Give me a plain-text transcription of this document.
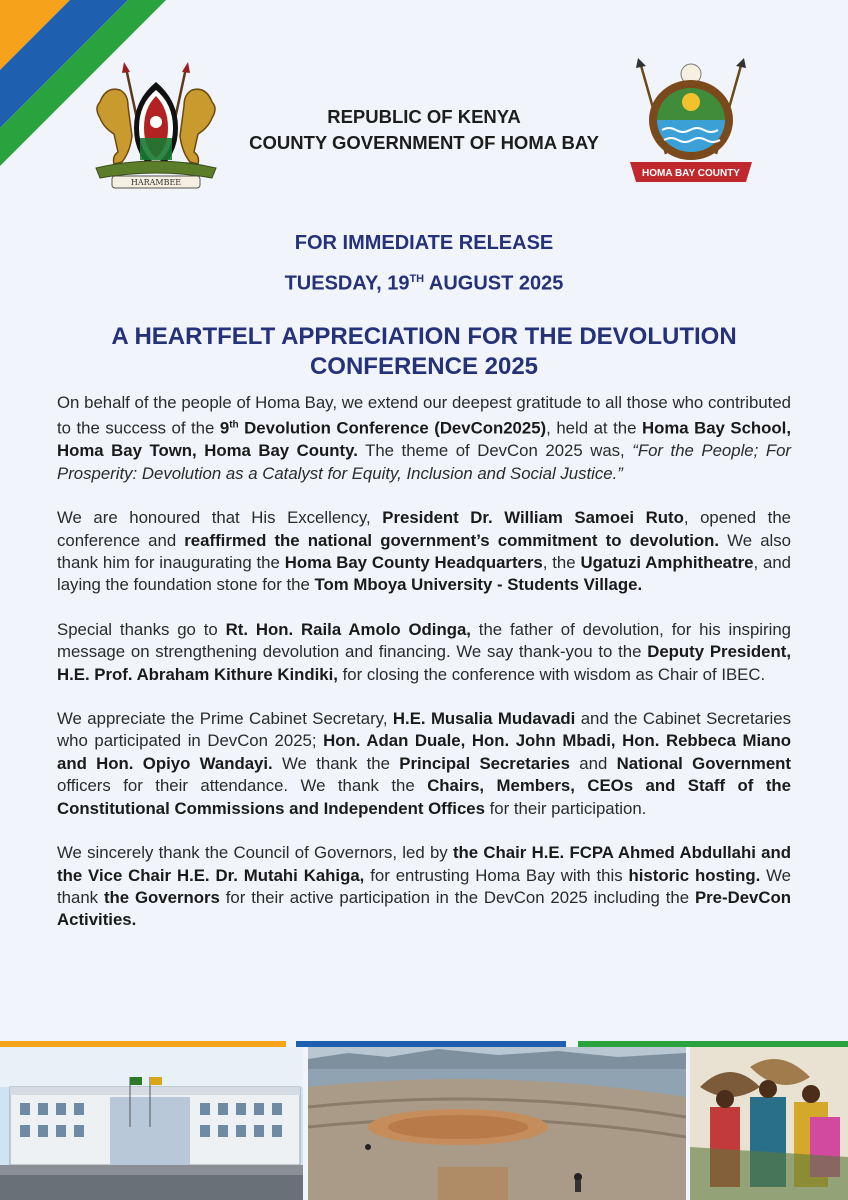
HARAMBEE
REPUBLIC OF KENYA
COUNTY GOVERNMENT OF HOMA BAY
HOMA BAY COUNTY
FOR IMMEDIATE RELEASE
TUESDAY, 19TH AUGUST 2025
A HEARTFELT APPRECIATION FOR THE DEVOLUTION CONFERENCE 2025

On behalf of the people of Homa Bay, we extend our deepest gratitude to all those who contributed to the success of the 9th Devolution Conference (DevCon2025), held at the Homa Bay School, Homa Bay Town, Homa Bay County. The theme of DevCon 2025 was, “For the People; For Prosperity: Devolution as a Catalyst for Equity, Inclusion and Social Justice.”

We are honoured that His Excellency, President Dr. William Samoei Ruto, opened the conference and reaffirmed the national government’s commitment to devolution. We also thank him for inaugurating the Homa Bay County Headquarters, the Ugatuzi Amphitheatre, and laying the foundation stone for the Tom Mboya University - Students Village.

Special thanks go to Rt. Hon. Raila Amolo Odinga, the father of devolution, for his inspiring message on strengthening devolution and financing. We say thank-you to the Deputy President, H.E. Prof. Abraham Kithure Kindiki, for closing the conference with wisdom as Chair of IBEC.

We appreciate the Prime Cabinet Secretary, H.E. Musalia Mudavadi and the Cabinet Secretaries who participated in DevCon 2025; Hon. Adan Duale, Hon. John Mbadi, Hon. Rebbeca Miano and Hon. Opiyo Wandayi. We thank the Principal Secretaries and National Government officers for their attendance. We thank the Chairs, Members, CEOs and Staff of the Constitutional Commissions and Independent Offices for their participation.

We sincerely thank the Council of Governors, led by the Chair H.E. FCPA Ahmed Abdullahi and the Vice Chair H.E. Dr. Mutahi Kahiga, for entrusting Homa Bay with this historic hosting. We thank the Governors for their active participation in the DevCon 2025 including the Pre-DevCon Activities.
